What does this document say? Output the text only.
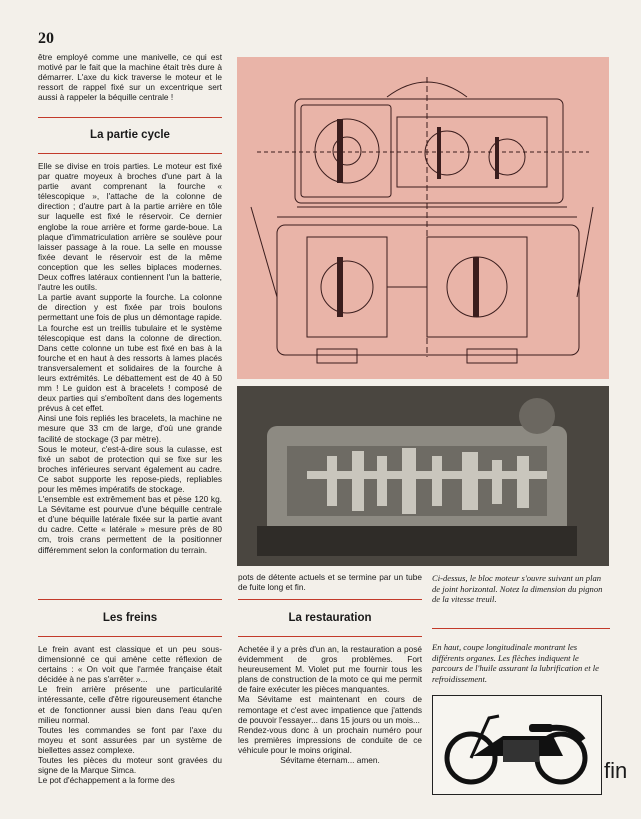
20

être employé comme une manivelle, ce qui est motivé par le fait que la machine était très dure à démarrer. L'axe du kick traverse le moteur et le ressort de rappel fixé sur un excentrique sert aussi à rappeler la béquille centrale !

La partie cycle

Elle se divise en trois parties. Le moteur est fixé par quatre moyeux à broches d'une part à la partie avant comprenant la fourche « télescopique », l'attache de la colonne de direction ; d'autre part à la partie arrière en tôle sur laquelle est fixé le réservoir. Ce dernier englobe la roue arrière et forme garde-boue. La plaque d'immatriculation arrière se soulève pour laisser passage à la roue. La selle en mousse fixée devant le réservoir est de la même conception que les selles biplaces modernes. Deux coffres latéraux contiennent l'un la batterie, l'autre les outils.

La partie avant supporte la fourche. La colonne de direction y est fixée par trois boulons permettant une fois de plus un démontage rapide. La fourche est un treillis tubulaire et le système télescopique est dans la colonne de direction. Dans cette colonne un tube est fixé en bas à la fourche et en haut à des ressorts à lames placés transversalement et solidaires de la fourche à leurs extrémités. Le débattement est de 40 à 50 mm ! Le guidon est à bracelets ! composé de deux parties qui s'emboîtent dans des logements prévus à cet effet.

Ainsi une fois repliés les bracelets, la machine ne mesure que 33 cm de large, d'où une grande facilité de stockage (3 par mètre).

Sous le moteur, c'est-à-dire sous la culasse, est fixé un sabot de protection qui se fixe sur les broches inférieures servant également au cadre. Ce sabot supporte les repose-pieds, repliables pour les mêmes impératifs de stockage.

L'ensemble est extrêmement bas et pèse 120 kg. La Sévitame est pourvue d'une béquille centrale et d'une béquille latérale fixée sur la partie avant du cadre. Cette « latérale » mesure près de 80 cm, trois crans permettent de la positionner différemment selon la conformation du terrain.

Les freins

Le frein avant est classique et un peu sous-dimensionné ce qui amène cette réflexion de certains : « On voit que l'armée française était décidée à ne pas s'arrêter »...

Le frein arrière présente une particularité intéressante, celle d'être rigoureusement étanche et de fonctionner aussi bien dans l'eau qu'en milieu normal.

Toutes les commandes se font par l'axe du moyeu et sont assurées par un système de biellettes assez complexe.

Toutes les pièces du moteur sont gravées du signe de la Marque Simca.

Le pot d'échappement a la forme des

pots de détente actuels et se termine par un tube de fuite long et fin.

La restauration

Achetée il y a près d'un an, la restauration a posé évidemment de gros problèmes. Fort heureusement M. Violet put me fournir tous les plans de construction de la moto ce qui me permit de faire exécuter les pièces manquantes.

Ma Sévitame est maintenant en cours de remontage et c'est avec impatience que j'attends de pouvoir l'essayer... dans 15 jours ou un mois...

Rendez-vous donc à un prochain numéro pour les premières impressions de conduite de ce véhicule pour le moins original.

Sévitame éternam... amen.

Ci-dessus, le bloc moteur s'ouvre suivant un plan de joint horizontal. Notez la dimension du pignon de la vitesse treuil.
En haut, coupe longitudinale montrant les différents organes. Les flèches indiquent le parcours de l'huile assurant la lubrification et le refroidissement.
fin
